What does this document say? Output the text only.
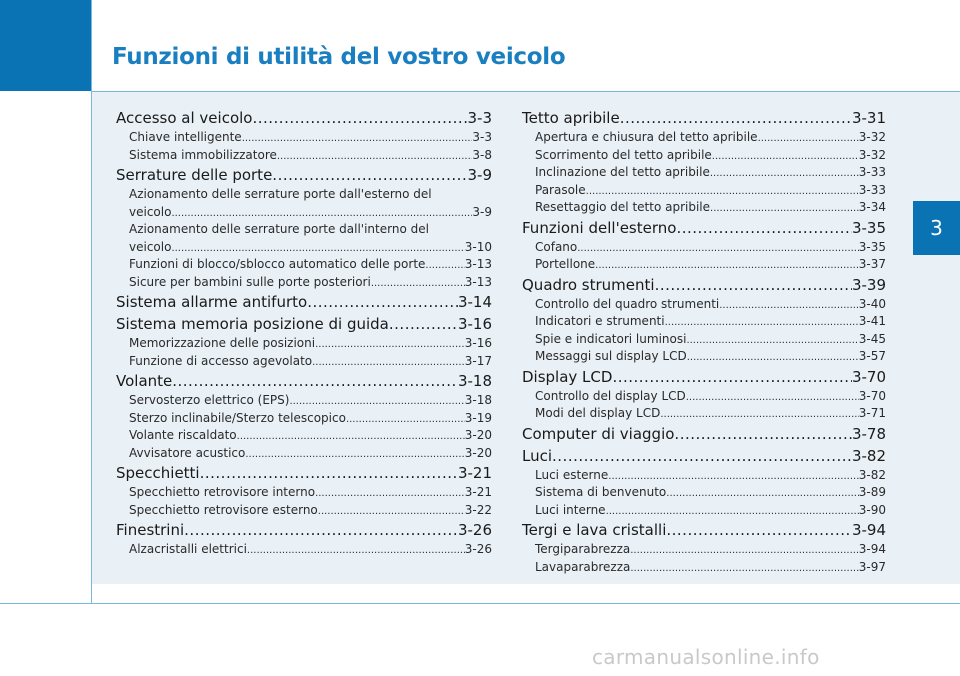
Funzioni di utilità del vostro veicolo
3
Accesso al veicolo .....	3-3
Chiave intelligente .....	3-3
Sistema immobilizzatore .....	3-8
Serrature delle porte .....	3-9
Azionamento delle serrature porte dall'esterno del
veicolo .....	3-9
Azionamento delle serrature porte dall'interno del
veicolo .....	3-10
Funzioni di blocco/sblocco automatico delle porte .....	3-13
Sicure per bambini sulle porte posteriori .....	3-13
Sistema allarme antifurto .....	3-14
Sistema memoria posizione di guida .....	3-16
Memorizzazione delle posizioni .....	3-16
Funzione di accesso agevolato .....	3-17
Volante .....	3-18
Servosterzo elettrico (EPS) .....	3-18
Sterzo inclinabile/Sterzo telescopico .....	3-19
Volante riscaldato .....	3-20
Avvisatore acustico .....	3-20
Specchietti .....	3-21
Specchietto retrovisore interno .....	3-21
Specchietto retrovisore esterno .....	3-22
Finestrini .....	3-26
Alzacristalli elettrici .....	3-26
Tetto apribile .....	3-31
Apertura e chiusura del tetto apribile .....	3-32
Scorrimento del tetto apribile .....	3-32
Inclinazione del tetto apribile .....	3-33
Parasole .....	3-33
Resettaggio del tetto apribile .....	3-34
Funzioni dell'esterno .....	3-35
Cofano .....	3-35
Portellone .....	3-37
Quadro strumenti .....	3-39
Controllo del quadro strumenti .....	3-40
Indicatori e strumenti .....	3-41
Spie e indicatori luminosi .....	3-45
Messaggi sul display LCD .....	3-57
Display LCD .....	3-70
Controllo del display LCD .....	3-70
Modi del display LCD .....	3-71
Computer di viaggio .....	3-78
Luci .....	3-82
Luci esterne .....	3-82
Sistema di benvenuto .....	3-89
Luci interne .....	3-90
Tergi e lava cristalli .....	3-94
Tergiparabrezza .....	3-94
Lavaparabrezza .....	3-97
carmanualsonline.info
